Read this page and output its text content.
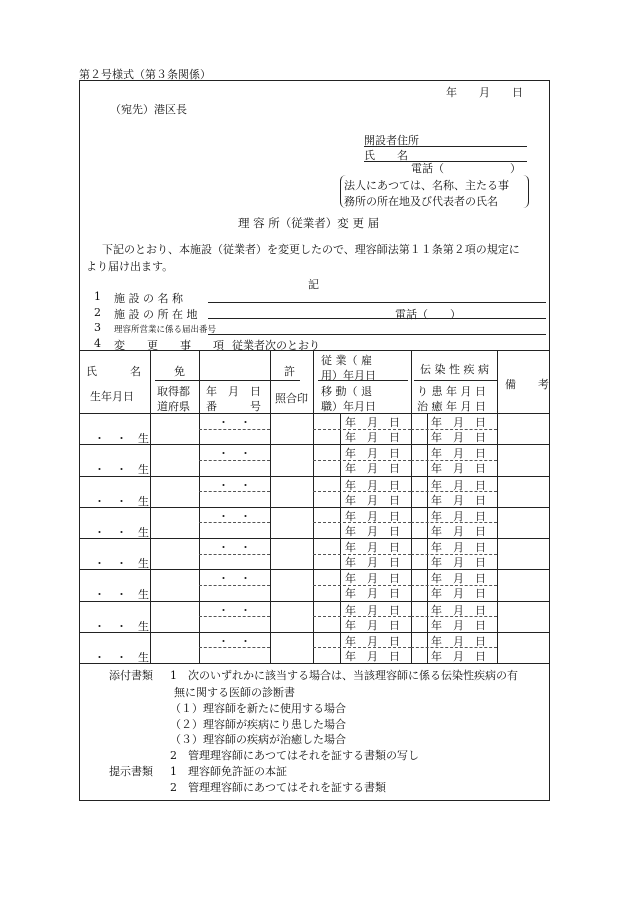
第２号様式（第３条関係）
年　　月　　日
（宛先）港区長
開設者住所
氏　　名
電話（　　　　　　）
法人にあつては、名称、主たる事
務所の所在地及び代表者の氏名
理 容 所（従業者）変 更 届
下記のとおり、本施設（従業者）を変更したので、理容師法第１１条第２項の規定に
より届け出ます。
記
1 施 設 の 名 称
2 施 設 の 所 在 地	電話（　　）
3 理容所営業に係る届出番号
4 変　　更　　事　　項 従業者次のとおり
氏　　　名
生年月日
免　　　　　　　　　許
取得都
道府県
年　月　日
番　　　号
照合印
従 業（ 雇
用）年月日
移 動（ 退
職）年月日
伝 染 性 疾 病
り 患 年 月 日
治 癒 年 月 日
備　　考
添付書類 1　次のいずれかに該当する場合は、当該理容師に係る伝染性疾病の有
無に関する医師の診断書
（１）理容師を新たに使用する場合
（２）理容師が疾病にり患した場合
（３）理容師の疾病が治癒した場合
2　管理理容師にあつてはそれを証する書類の写し
提示書類 1　理容師免許証の本証
2　管理理容師にあつてはそれを証する書類
・　・
・　・　生
年　月　日
年　月　日
年　月　日
年　月　日
・　・
・　・　生
年　月　日
年　月　日
年　月　日
年　月　日
・　・
・　・　生
年　月　日
年　月　日
年　月　日
年　月　日
・　・
・　・　生
年　月　日
年　月　日
年　月　日
年　月　日
・　・
・　・　生
年　月　日
年　月　日
年　月　日
年　月　日
・　・
・　・　生
年　月　日
年　月　日
年　月　日
年　月　日
・　・
・　・　生
年　月　日
年　月　日
年　月　日
年　月　日
・　・
・　・　生
年　月　日
年　月　日
年　月　日
年　月　日
